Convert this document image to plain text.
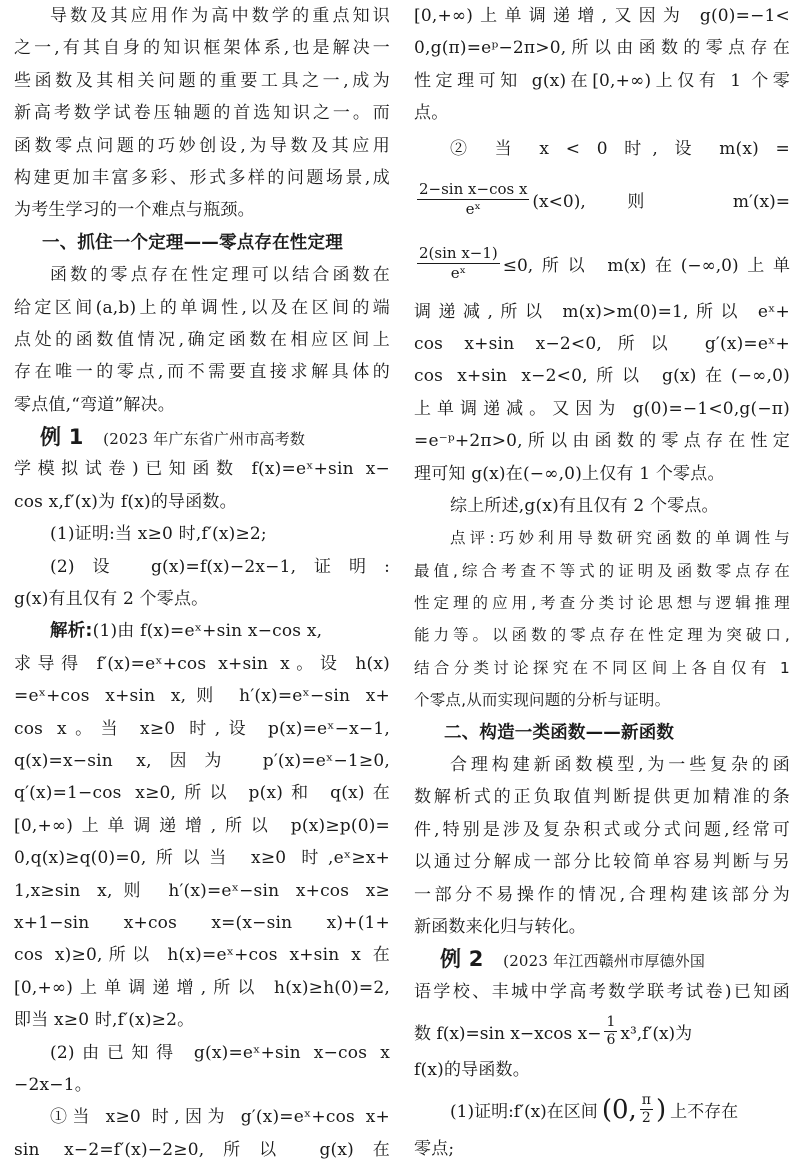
导数及其应用作为高中数学的重点知识
之一,有其自身的知识框架体系,也是解决一
些函数及其相关问题的重要工具之一,成为
新高考数学试卷压轴题的首选知识之一。而
函数零点问题的巧妙创设,为导数及其应用
构建更加丰富多彩、形式多样的问题场景,成
为考生学习的一个难点与瓶颈。
一、抓住一个定理——零点存在性定理
函数的零点存在性定理可以结合函数在
给定区间(a,b)上的单调性,以及在区间的端
点处的函数值情况,确定函数在相应区间上
存在唯一的零点,而不需要直接求解具体的
零点值,“弯道”解决。
例 1 (2023 年广东省广州市高考数
学模拟试卷)已知函数 f(x)=eˣ+sin x−
cos x,f′(x)为 f(x)的导函数。
(1)证明:当 x≥0 时,f′(x)≥2;
(2)设 g(x)=f(x)−2x−1,证明:
g(x)有且仅有 2 个零点。
解析:(1)由 f(x)=eˣ+sin x−cos x,
求导得 f′(x)=eˣ+cos x+sin x。设 h(x)
=eˣ+cos x+sin x,则 h′(x)=eˣ−sin x+
cos x。当 x≥0 时,设 p(x)=eˣ−x−1,
q(x)=x−sin x,因为 p′(x)=eˣ−1≥0,
q′(x)=1−cos x≥0,所以 p(x)和 q(x)在
[0,+∞)上单调递增,所以 p(x)≥p(0)=
0,q(x)≥q(0)=0,所以当 x≥0 时,eˣ≥x+
1,x≥sin x,则 h′(x)=eˣ−sin x+cos x≥
x+1−sin x+cos x=(x−sin x)+(1+
cos x)≥0,所以 h(x)=eˣ+cos x+sin x 在
[0,+∞)上单调递增,所以 h(x)≥h(0)=2,
即当 x≥0 时,f′(x)≥2。
(2)由已知得 g(x)=eˣ+sin x−cos x
−2x−1。
①当 x≥0 时,因为 g′(x)=eˣ+cos x+
sin x−2=f′(x)−2≥0,所以 g(x)在
[0,+∞)上单调递增,又因为 g(0)=−1<
0,g(π)=eᵖ−2π>0,所以由函数的零点存在
性定理可知 g(x)在[0,+∞)上仅有 1 个零
点。
② 当 x < 0 时, 设 m(x) =
$\frac{\text{2−sin x−cos x}}{\text{eˣ}} (x<0)$,则 m′(x)=
$\frac{\text{2(sin x−1)}}{\text{eˣ}} \le 0$,所以 m(x)在(−∞,0)上单
调递减,所以 m(x)>m(0)=1,所以 eˣ+
cos x+sin x−2<0,所以 g′(x)=eˣ+
cos x+sin x−2<0,所以 g(x)在(−∞,0)
上单调递减。又因为 g(0)=−1<0,g(−π)
=e⁻ᵖ+2π>0,所以由函数的零点存在性定
理可知 g(x)在(−∞,0)上仅有 1 个零点。
综上所述,g(x)有且仅有 2 个零点。
点评:巧妙利用导数研究函数的单调性与
最值,综合考查不等式的证明及函数零点存在
性定理的应用,考查分类讨论思想与逻辑推理
能力等。以函数的零点存在性定理为突破口,
结合分类讨论探究在不同区间上各自仅有 1
个零点,从而实现问题的分析与证明。
二、构造一类函数——新函数
合理构建新函数模型,为一些复杂的函
数解析式的正负取值判断提供更加精准的条
件,特别是涉及复杂积式或分式问题,经常可
以通过分解成一部分比较简单容易判断与另
一部分不易操作的情况,合理构建该部分为
新函数来化归与转化。
例 2 (2023 年江西赣州市厚德外国
语学校、丰城中学高考数学联考试卷)已知函
数 f(x)=sin x−xcos $x- \frac{1}{6} x^3,f'(x)$为
f(x)的导函数。
(1)证明:f′(x)在区间 (0, $\frac{\pi}{2}$ ) 上不存在
零点;
